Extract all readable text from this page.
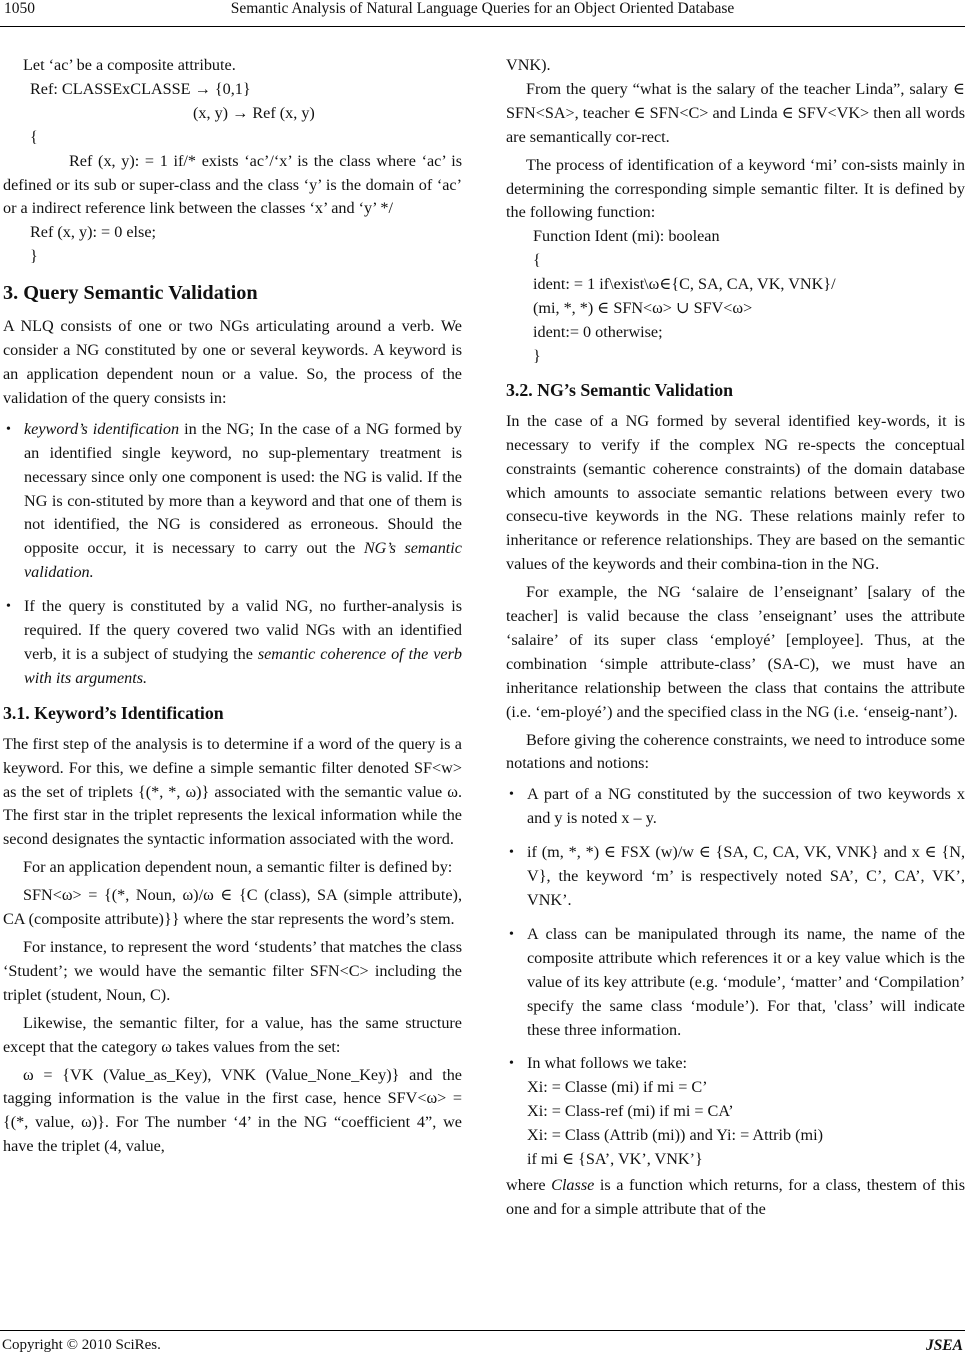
1050	Semantic Analysis of Natural Language Queries for an Object Oriented Database

Let ‘ac’ be a composite attribute.

Ref: CLASSExCLASSE → {0,1}

(x, y) → Ref (x, y)

{

Ref (x, y): = 1 if/* exists ‘ac’/‘x’ is the class where ‘ac’ is defined or its sub or super-class and the class ‘y’ is the domain of ‘ac’ or a indirect reference link between the classes ‘x’ and ‘y’ */

Ref (x, y): = 0 else;

}

3. Query Semantic Validation

A NLQ consists of one or two NGs articulating around a verb. We consider a NG constituted by one or several keywords. A keyword is an application dependent noun or a value. So, the process of the validation of the query consists in:

• keyword’s identification in the NG; In the case of a NG formed by an identified single keyword, no sup-plementary treatment is necessary since only one component is used: the NG is valid. If the NG is con-stituted by more than a keyword and that one of them is not identified, the NG is considered as erroneous. Should the opposite occur, it is necessary to carry out the NG’s semantic validation.
• If the query is constituted by a valid NG, no further-analysis is required. If the query covered two valid NGs with an identified verb, it is a subject of studying the semantic coherence of the verb with its arguments.
3.1. Keyword’s Identification

The first step of the analysis is to determine if a word of the query is a keyword. For this, we define a simple semantic filter denoted SF<w> as the set of triplets {(*, *, ω)} associated with the semantic value ω. The first star in the triplet represents the lexical information while the second designates the syntactic information associated with the word.

For an application dependent noun, a semantic filter is defined by:

SFN<ω> = {(*, Noun, ω)/ω ∈ {C (class), SA (simple attribute), CA (composite attribute)}} where the star represents the word’s stem.

For instance, to represent the word ‘students’ that matches the class ‘Student’; we would have the semantic filter SFN<C> including the triplet (student, Noun, C).

Likewise, the semantic filter, for a value, has the same structure except that the category ω takes values from the set:

ω = {VK (Value_as_Key), VNK (Value_None_Key)} and the tagging information is the value in the first case, hence SFV<ω> = {(*, value, ω)}. For The number ‘4’ in the NG “coefficient 4”, we have the triplet (4, value,

VNK).

From the query “what is the salary of the teacher Linda”, salary ∈ SFN<SA>, teacher ∈ SFN<C> and Linda ∈ SFV<VK> then all words are semantically cor-rect.

The process of identification of a keyword ‘mi’ con-sists mainly in determining the corresponding simple semantic filter. It is defined by the following function:

Function Ident (mi): boolean

{

ident: = 1 if\exist\ω∈{C, SA, CA, VK, VNK}/

(mi, *, *) ∈ SFN<ω> ∪ SFV<ω>

ident:= 0 otherwise;

}

3.2. NG’s Semantic Validation

In the case of a NG formed by several identified key-words, it is necessary to verify if the complex NG re-spects the conceptual constraints (semantic coherence constraints) of the domain database which amounts to associate semantic relations between every two consecu-tive keywords in the NG. These relations mainly refer to inheritance or reference relationships. They are based on the semantic values of the keywords and their combina-tion in the NG.

For example, the NG ‘salaire de l’enseignant’ [salary of the teacher] is valid because the class ’enseignant’ uses the attribute ‘salaire’ of its super class ‘employé’ [employee]. Thus, at the combination ‘simple attribute-class’ (SA-C), we must have an inheritance relationship between the class that contains the attribute (i.e. ‘em-ployé’) and the specified class in the NG (i.e. ‘enseig-nant’).

Before giving the coherence constraints, we need to introduce some notations and notions:

• A part of a NG constituted by the succession of two keywords x and y is noted x – y.
• if (m, *, *) ∈ FSX (w)/w ∈ {SA, C, CA, VK, VNK} and x ∈ {N, V}, the keyword ‘m’ is respectively noted SA’, C’, CA’, VK’, VNK’.
• A class can be manipulated through its name, the name of the composite attribute which references it or a key value which is the value of its key attribute (e.g. ‘module’, ‘matter’ and ‘Compilation’ specify the same class ‘module’). For that, 'class’ will indicate these three information.
• In what follows we take:
Xi: = Classe (mi) if mi = C’
Xi: = Class-ref (mi) if mi = CA’
Xi: = Class (Attrib (mi)) and Yi: = Attrib (mi)
if mi ∈ {SA’, VK’, VNK’}

where Classe is a function which returns, for a class, thestem of this one and for a simple attribute that of the

Copyright © 2010 SciRes.	JSEA
